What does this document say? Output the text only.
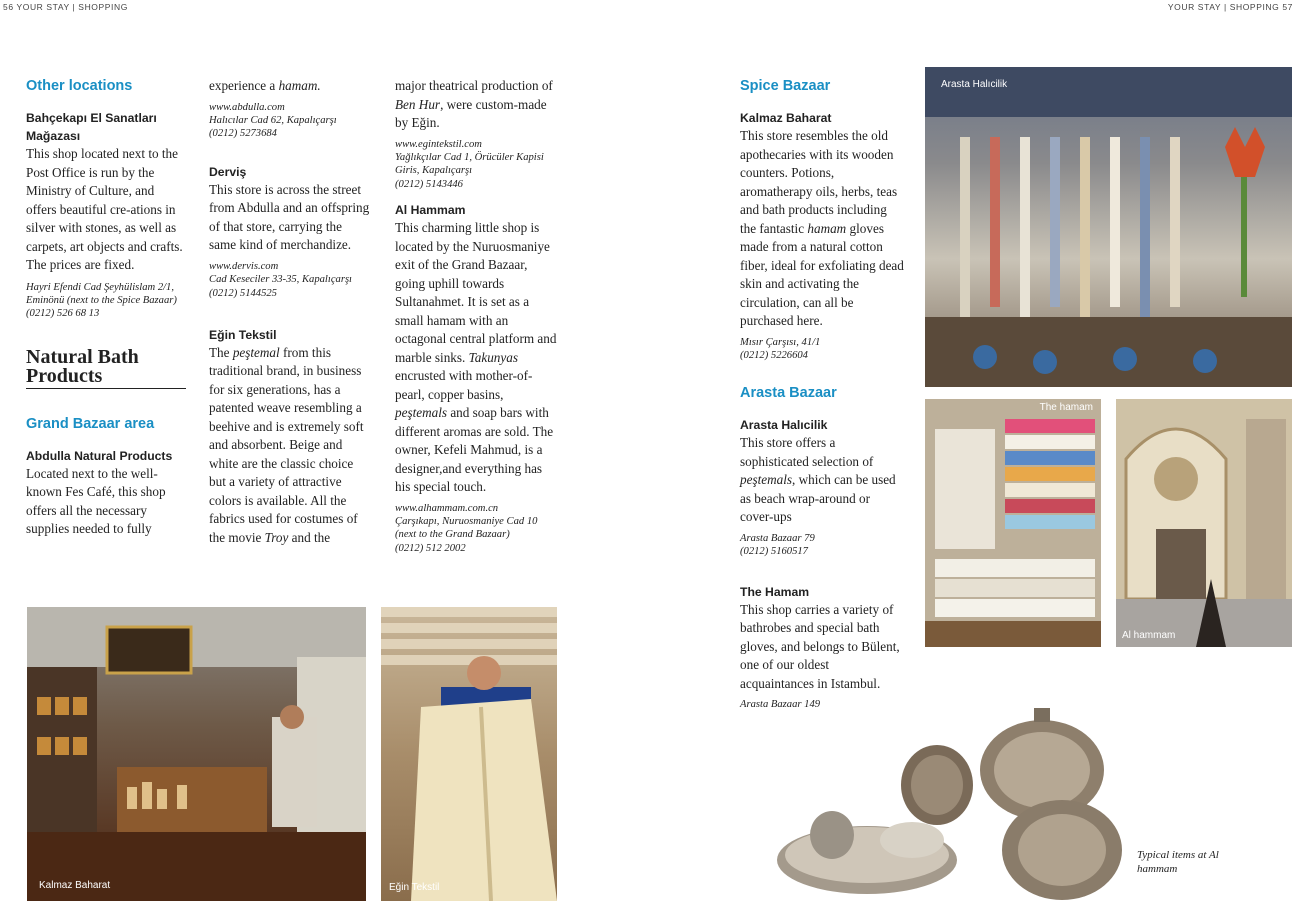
56 YOUR STAY | SHOPPING	YOUR STAY | SHOPPING 57
Other locations
Bahçekapı El Sanatları Mağazası

This shop located next to the Post Office is run by the Ministry of Culture, and offers beautiful cre-ations in silver with stones, as well as carpets, art objects and crafts. The prices are fixed.

Hayri Efendi Cad Şeyhülislam 2/1, Eminönü (next to the Spice Bazaar)

(0212) 526 68 13

Natural Bath Products
Grand Bazaar area
Abdulla Natural Products

Located next to the well-known Fes Café, this shop offers all the necessary supplies needed to fully

experience a hamam.

www.abdulla.com

Halıcılar Cad 62, Kapalıçarşı

(0212) 5273684

Derviş

This store is across the street from Abdulla and an offspring of that store, carrying the same kind of merchandize.

www.dervis.com

Cad Keseciler 33-35, Kapalıçarşı

(0212) 5144525

Eğin Tekstil

The peştemal from this traditional brand, in business for six generations, has a patented weave resembling a beehive and is extremely soft and absorbent. Beige and white are the classic choice but a variety of attractive colors is available. All the fabrics used for costumes of the movie Troy and the

major theatrical production of Ben Hur, were custom-made by Eğin.

www.egintekstil.com

Yağlıkçılar Cad 1, Örücüler Kapisi Giris, Kapalıçarşı

(0212) 5143446

Al Hammam

This charming little shop is located by the Nuruosmaniye exit of the Grand Bazaar, going uphill towards Sultanahmet. It is set as a small hamam with an octagonal central platform and marble sinks. Takunyas encrusted with mother-of-pearl, copper basins, peştemals and soap bars with different aromas are sold. The owner, Kefeli Mahmud, is a designer,and everything has his special touch.

www.alhammam.com.cn

Çarşıkapı, Nuruosmaniye Cad 10 (next to the Grand Bazaar)

(0212) 512 2002

Spice Bazaar
Kalmaz Baharat

This store resembles the old apothecaries with its wooden counters. Potions, aromatherapy oils, herbs, teas and bath products including the fantastic hamam gloves made from a natural cotton fiber, ideal for exfoliating dead skin and activating the circulation, can all be purchased here.

Mısır Çarşısı, 41/1

(0212) 5226604

Arasta Bazaar
Arasta Halıcilik

This store offers a sophisticated selection of peştemals, which can be used as beach wrap-around or cover-ups

Arasta Bazaar 79

(0212) 5160517

The Hamam

This shop carries a variety of bathrobes and special bath gloves, and belongs to Bülent, one of our oldest acquaintances in Istambul.

Arasta Bazaar 149

Kalmaz Baharat	Eğin Tekstil
Arasta Halıcilik
The hamam
Al hammam
Typical items at Al hammam
